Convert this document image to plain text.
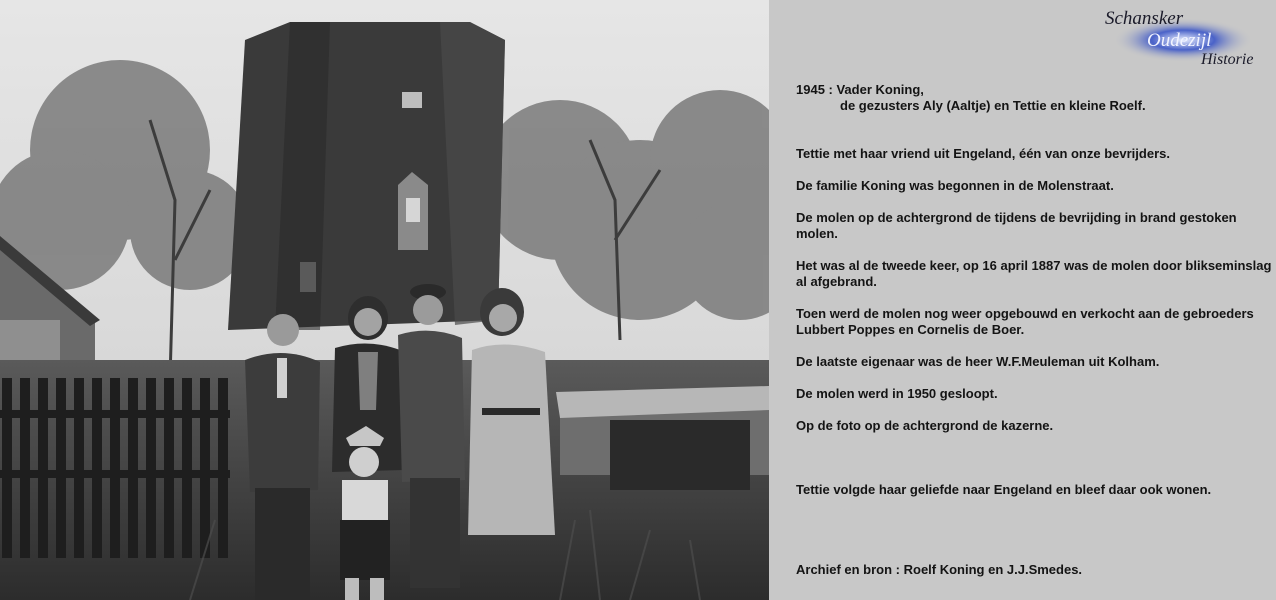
Schansker
Oudezijl
Historie

1945 : Vader Koning,

de gezusters Aly (Aaltje) en Tettie en kleine Roelf.

Tettie met haar vriend uit Engeland, één van onze bevrijders.

De familie Koning was begonnen in de Molenstraat.

De molen op de achtergrond de tijdens de bevrijding in brand gestoken molen.

Het was al de tweede keer, op 16 april 1887 was de molen door blikseminslag al afgebrand.

Toen werd de molen nog weer opgebouwd en verkocht aan de gebroeders Lubbert Poppes en Cornelis de Boer.

De laatste eigenaar was de heer W.F.Meuleman uit Kolham.

De molen werd in 1950 gesloopt.

Op de foto op de achtergrond de kazerne.

Tettie volgde haar geliefde naar Engeland en bleef daar ook wonen.

Archief en bron : Roelf Koning en J.J.Smedes.
